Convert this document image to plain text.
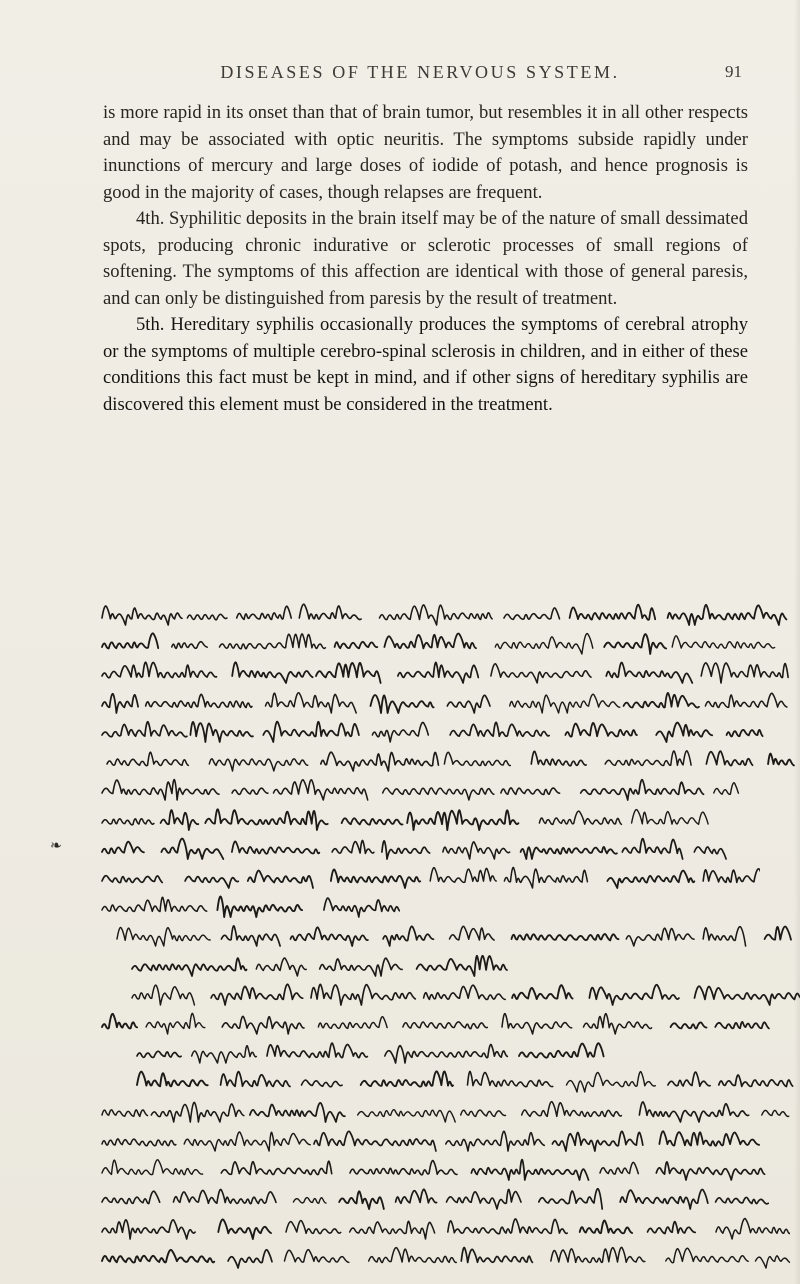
DISEASES OF THE NERVOUS SYSTEM.	91

is more rapid in its onset than that of brain tumor, but resembles it in all other respects and may be associated with optic neuritis. The symptoms subside rapidly under inunctions of mercury and large doses of iodide of potash, and hence prognosis is good in the majority of cases, though relapses are frequent.

4th. Syphilitic deposits in the brain itself may be of the nature of small dessimated spots, producing chronic indurative or sclerotic processes of small regions of softening. The symptoms of this affection are identical with those of general paresis, and can only be distinguished from paresis by the result of treatment.

5th. Hereditary syphilis occasionally produces the symptoms of cerebral atrophy or the symptoms of multiple cerebro-spinal sclerosis in children, and in either of these conditions this fact must be kept in mind, and if other signs of hereditary syphilis are discovered this element must be considered in the treatment.

❧
